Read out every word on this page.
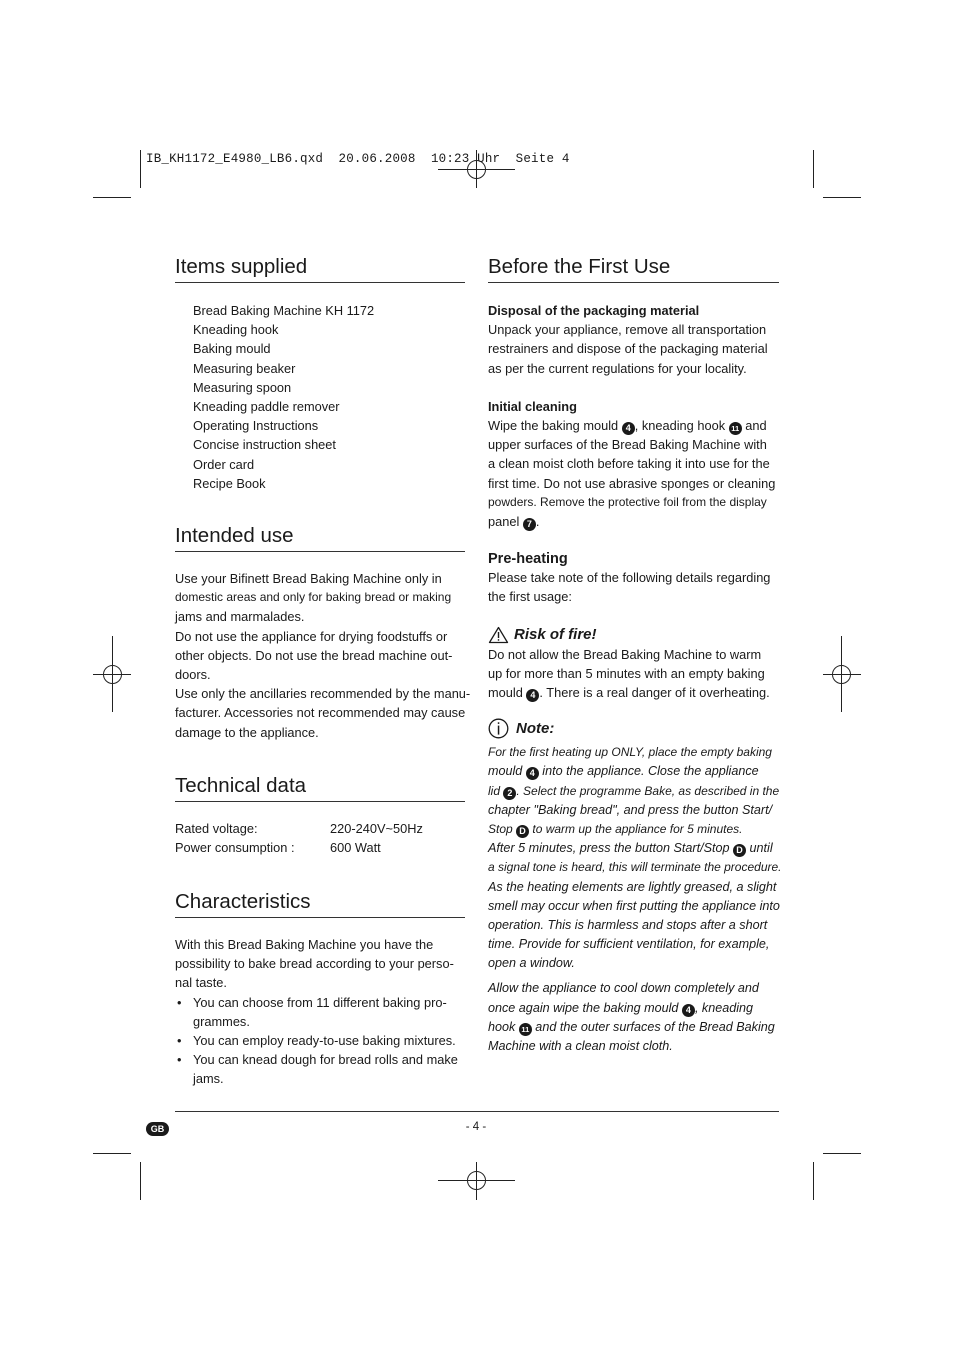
IB_KH1172_E4980_LB6.qxd  20.06.2008  10:23 Uhr  Seite 4
Items supplied
Bread Baking Machine KH 1172
Kneading hook
Baking mould
Measuring beaker
Measuring spoon
Kneading paddle remover
Operating Instructions
Concise instruction sheet
Order card
Recipe Book
Intended use
Use your Bifinett Bread Baking Machine only in
domestic areas and only for baking bread or making
jams and marmalades.
Do not use the appliance for drying foodstuffs or
other objects. Do not use the bread machine out-
doors.
Use only the ancillaries recommended by the manu-
facturer. Accessories not recommended may cause
damage to the appliance.
Technical data
Rated voltage:	220-240V~50Hz
Power consumption :	600 Watt
Characteristics
With this Bread Baking Machine you have the
possibility to bake bread according to your perso-
nal taste.
• You can choose from 11 different baking pro-
grammes.
• You can employ ready-to-use baking mixtures.
• You can knead dough for bread rolls and make
jams.
Before the First Use
Disposal of the packaging material
Unpack your appliance, remove all transportation
restrainers and dispose of the packaging material
as per the current regulations for your locality.
Initial cleaning
Wipe the baking mould 4 , kneading hook 11 and
upper surfaces of the Bread Baking Machine with
a clean moist cloth before taking it into use for the
first time. Do not use abrasive sponges or cleaning
powders. Remove the protective foil from the display
panel 7 .
Pre-heating
Please take note of the following details regarding
the first usage:
Risk of fire!
Do not allow the Bread Baking Machine to warm
up for more than 5 minutes with an empty baking
mould 4 . There is a real danger of it overheating.
Note:
For the first heating up ONLY, place the empty baking
mould 4 into the appliance. Close the appliance
lid 2 . Select the programme Bake, as described in the
chapter "Baking bread", and press the button Start/
Stop D to warm up the appliance for 5 minutes.
After 5 minutes, press the button Start/Stop D until
a signal tone is heard, this will terminate the procedure.
As the heating elements are lightly greased, a slight
smell may occur when first putting the appliance into
operation. This is harmless and stops after a short
time. Provide for sufficient ventilation, for example,
open a window.
Allow the appliance to cool down completely and
once again wipe the baking mould 4 , kneading
hook 11 and the outer surfaces of the Bread Baking
Machine with a clean moist cloth.
GB	- 4 -
